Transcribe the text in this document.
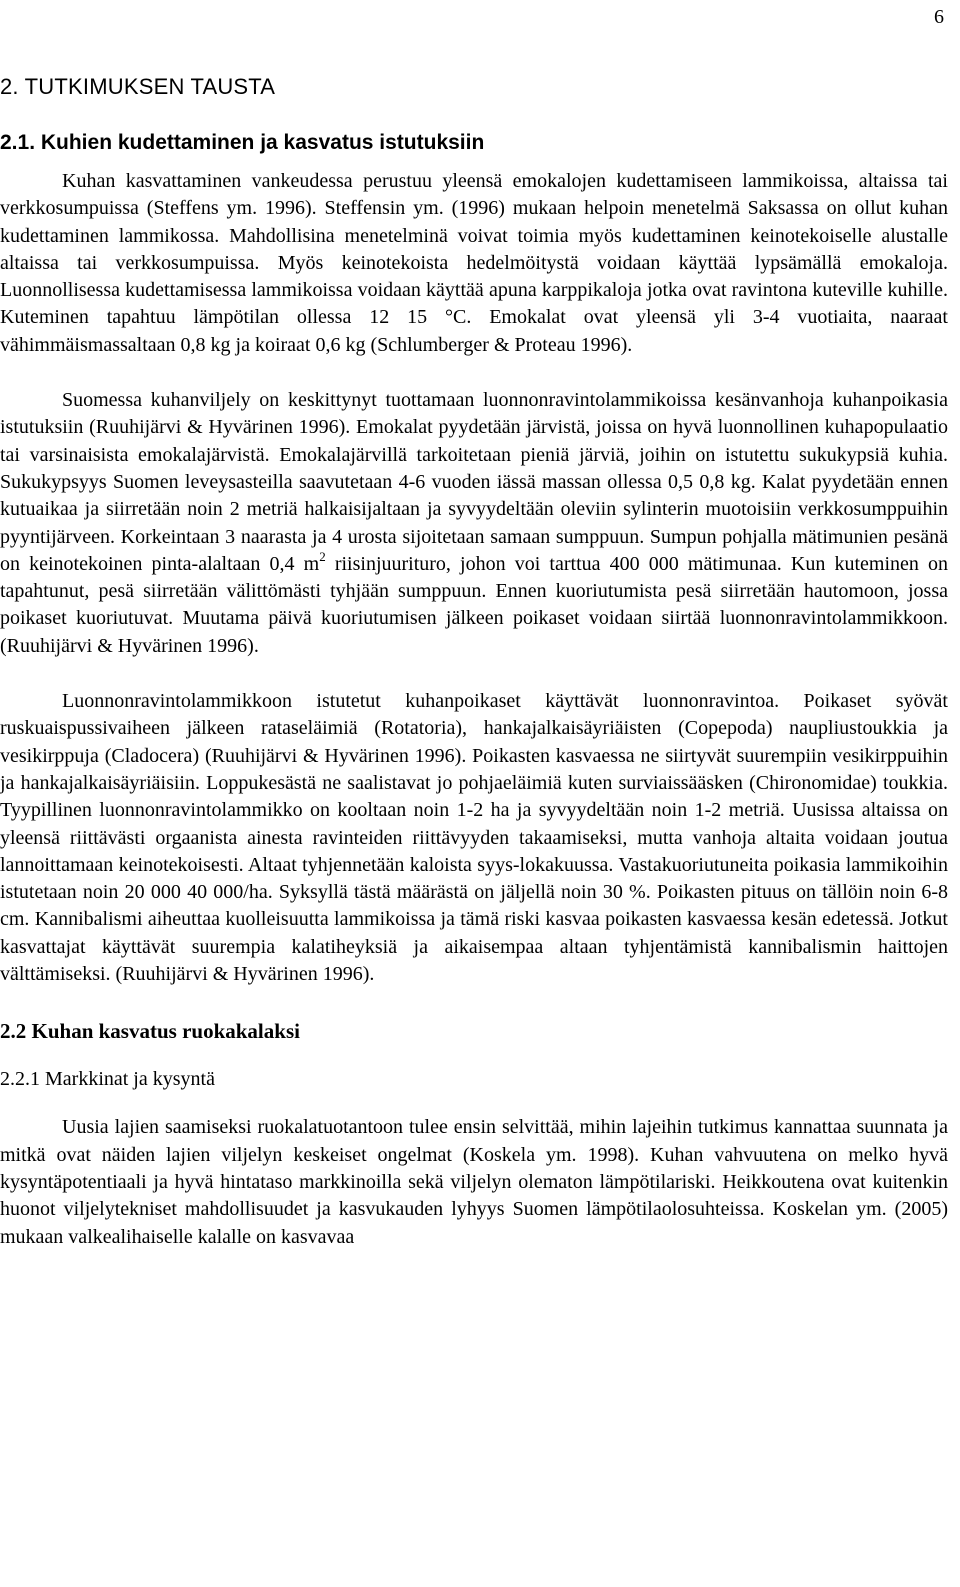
6
2. TUTKIMUKSEN TAUSTA
2.1. Kuhien kudettaminen ja kasvatus istutuksiin

Kuhan kasvattaminen vankeudessa perustuu yleensä emokalojen kudettamiseen lammikoissa, altaissa tai verkkosumpuissa (Steffens ym. 1996). Steffensin ym. (1996) mukaan helpoin menetelmä Saksassa on ollut kuhan kudettaminen lammikossa. Mahdollisina menetelminä voivat toimia myös kudettaminen keinotekoiselle alustalle altaissa tai verkkosumpuissa. Myös keinotekoista hedelmöitystä voidaan käyttää lypsämällä emokaloja. Luonnollisessa kudettamisessa lammikoissa voidaan käyttää apuna karppikaloja jotka ovat ravintona kuteville kuhille. Kuteminen tapahtuu lämpötilan ollessa 12 15 °C. Emokalat ovat yleensä yli 3-4 vuotiaita, naaraat vähimmäismassaltaan 0,8 kg ja koiraat 0,6 kg (Schlumberger & Proteau 1996).

Suomessa kuhanviljely on keskittynyt tuottamaan luonnonravintolammikoissa kesänvanhoja kuhanpoikasia istutuksiin (Ruuhijärvi & Hyvärinen 1996). Emokalat pyydetään järvistä, joissa on hyvä luonnollinen kuhapopulaatio tai varsinaisista emokalajärvistä. Emokalajärvillä tarkoitetaan pieniä järviä, joihin on istutettu sukukypsiä kuhia. Sukukypsyys Suomen leveysasteilla saavutetaan 4-6 vuoden iässä massan ollessa 0,5 0,8 kg. Kalat pyydetään ennen kutuaikaa ja siirretään noin 2 metriä halkaisijaltaan ja syvyydeltään oleviin sylinterin muotoisiin verkkosumppuihin pyyntijärveen. Korkeintaan 3 naarasta ja 4 urosta sijoitetaan samaan sumppuun. Sumpun pohjalla mätimunien pesänä on keinotekoinen pinta-alaltaan 0,4 $m^2$ riisinjuurituro, johon voi tarttua 400 000 mätimunaa. Kun kuteminen on tapahtunut, pesä siirretään välittömästi tyhjään sumppuun. Ennen kuoriutumista pesä siirretään hautomoon, jossa poikaset kuoriutuvat. Muutama päivä kuoriutumisen jälkeen poikaset voidaan siirtää luonnonravintolammikkoon. (Ruuhijärvi & Hyvärinen 1996).

Luonnonravintolammikkoon istutetut kuhanpoikaset käyttävät luonnonravintoa. Poikaset syövät ruskuaispussivaiheen jälkeen rataseläimiä (Rotatoria), hankajalkaisäyriäisten (Copepoda) naupliustoukkia ja vesikirppuja (Cladocera) (Ruuhijärvi & Hyvärinen 1996). Poikasten kasvaessa ne siirtyvät suurempiin vesikirppuihin ja hankajalkaisäyriäisiin. Loppukesästä ne saalistavat jo pohjaeläimiä kuten surviaissääsken (Chironomidae) toukkia. Tyypillinen luonnonravintolammikko on kooltaan noin 1-2 ha ja syvyydeltään noin 1-2 metriä. Uusissa altaissa on yleensä riittävästi orgaanista ainesta ravinteiden riittävyyden takaamiseksi, mutta vanhoja altaita voidaan joutua lannoittamaan keinotekoisesti. Altaat tyhjennetään kaloista syys-lokakuussa. Vastakuoriutuneita poikasia lammikoihin istutetaan noin 20 000 40 000/ha. Syksyllä tästä määrästä on jäljellä noin 30 %. Poikasten pituus on tällöin noin 6-8 cm. Kannibalismi aiheuttaa kuolleisuutta lammikoissa ja tämä riski kasvaa poikasten kasvaessa kesän edetessä. Jotkut kasvattajat käyttävät suurempia kalatiheyksiä ja aikaisempaa altaan tyhjentämistä kannibalismin haittojen välttämiseksi. (Ruuhijärvi & Hyvärinen 1996).

2.2 Kuhan kasvatus ruokakalaksi
2.2.1 Markkinat ja kysyntä

Uusia lajien saamiseksi ruokalatuotantoon tulee ensin selvittää, mihin lajeihin tutkimus kannattaa suunnata ja mitkä ovat näiden lajien viljelyn keskeiset ongelmat (Koskela ym. 1998). Kuhan vahvuutena on melko hyvä kysyntäpotentiaali ja hyvä hintataso markkinoilla sekä viljelyn olematon lämpötilariski. Heikkoutena ovat kuitenkin huonot viljelytekniset mahdollisuudet ja kasvukauden lyhyys Suomen lämpötilaolosuhteissa. Koskelan ym. (2005) mukaan valkealihaiselle kalalle on kasvavaa
